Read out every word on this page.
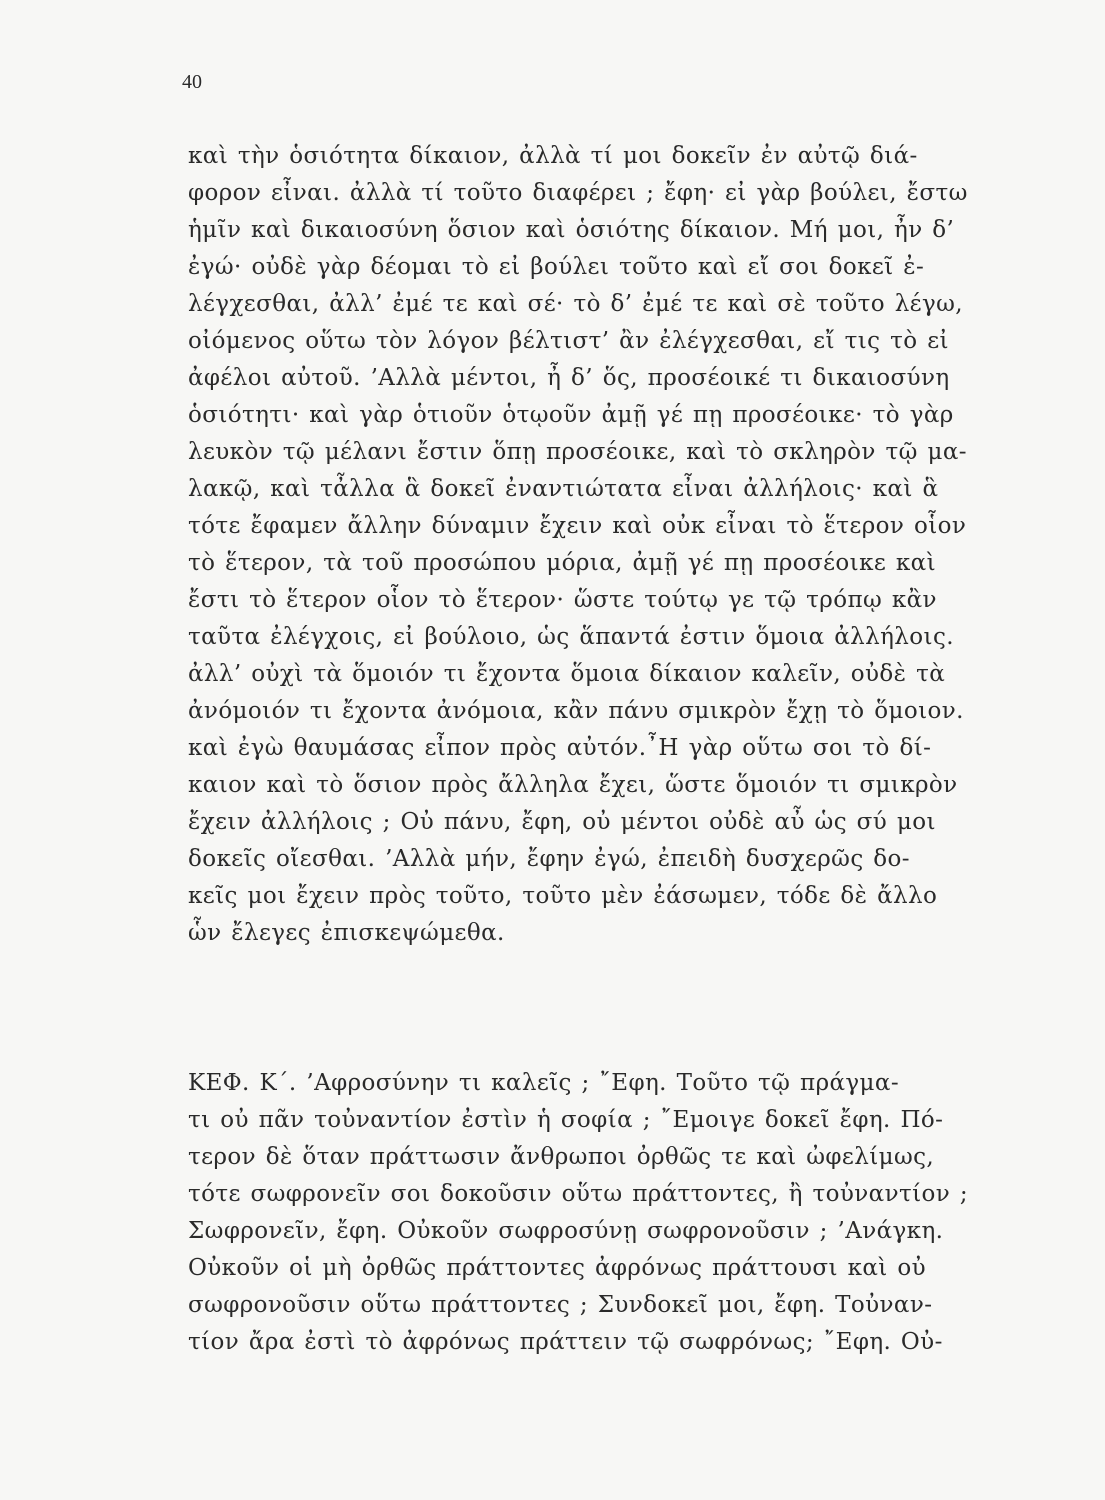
40
καὶ τὴν ὁσιότητα δίκαιον, ἀλλὰ τί μοι δοκεῖν ἐν αὐτῷ διά-
φορον εἶναι. ἀλλὰ τί τοῦτο διαφέρει ; ἔφη· εἰ γὰρ βούλει, ἔστω
ἡμῖν καὶ δικαιοσύνη ὅσιον καὶ ὁσιότης δίκαιον. Μή μοι, ἦν δ’
ἐγώ· οὐδὲ γὰρ δέομαι τὸ εἰ βούλει τοῦτο καὶ εἴ σοι δοκεῖ ἐ-
λέγχεσθαι, ἀλλ’ ἐμέ τε καὶ σέ· τὸ δ’ ἐμέ τε καὶ σὲ τοῦτο λέγω,
οἰόμενος οὕτω τὸν λόγον βέλτιστ’ ἂν ἐλέγχεσθαι, εἴ τις τὸ εἰ
ἀφέλοι αὐτοῦ. ’Αλλὰ μέντοι, ἦ δ’ ὅς, προσέοικέ τι δικαιοσύνη
ὁσιότητι· καὶ γὰρ ὁτιοῦν ὁτῳοῦν ἀμῇ γέ πῃ προσέοικε· τὸ γὰρ
λευκὸν τῷ μέλανι ἔστιν ὅπῃ προσέοικε, καὶ τὸ σκληρὸν τῷ μα-
λακῷ, καὶ τἆλλα ἃ δοκεῖ ἐναντιώτατα εἶναι ἀλλήλοις· καὶ ἃ
τότε ἔφαμεν ἄλλην δύναμιν ἔχειν καὶ οὐκ εἶναι τὸ ἕτερον οἷον
τὸ ἕτερον, τὰ τοῦ προσώπου μόρια, ἀμῇ γέ πῃ προσέοικε καὶ
ἔστι τὸ ἕτερον οἷον τὸ ἕτερον· ὥστε τούτῳ γε τῷ τρόπῳ κἂν
ταῦτα ἐλέγχοις, εἰ βούλοιο, ὡς ἅπαντά ἐστιν ὅμοια ἀλλήλοις.
ἀλλ’ οὐχὶ τὰ ὅμοιόν τι ἔχοντα ὅμοια δίκαιον καλεῖν, οὐδὲ τὰ
ἀνόμοιόν τι ἔχοντα ἀνόμοια, κἂν πάνυ σμικρὸν ἔχῃ τὸ ὅμοιον.
καὶ ἐγὼ θαυμάσας εἶπον πρὸς αὐτόν.῏Η γὰρ οὕτω σοι τὸ δί-
καιον καὶ τὸ ὅσιον πρὸς ἄλληλα ἔχει, ὥστε ὅμοιόν τι σμικρὸν
ἔχειν ἀλλήλοις ; Οὐ πάνυ, ἔφη, οὐ μέντοι οὐδὲ αὖ ὡς σύ μοι
δοκεῖς οἴεσθαι. ’Αλλὰ μήν, ἔφην ἐγώ, ἐπειδὴ δυσχερῶς δο-
κεῖς μοι ἔχειν πρὸς τοῦτο, τοῦτο μὲν ἐάσωμεν, τόδε δὲ ἄλλο
ὧν ἔλεγες ἐπισκεψώμεθα.
ΚΕΦ. Κ΄. ’Αφροσύνην τι καλεῖς ; ῎Εφη. Τοῦτο τῷ πράγμα-
τι οὐ πᾶν τοὐναντίον ἐστὶν ἡ σοφία ; ῎Εμοιγε δοκεῖ ἔφη. Πό-
τερον δὲ ὅταν πράττωσιν ἄνθρωποι ὀρθῶς τε καὶ ὠφελίμως,
τότε σωφρονεῖν σοι δοκοῦσιν οὕτω πράττοντες, ἢ τοὐναντίον ;
Σωφρονεῖν, ἔφη. Οὐκοῦν σωφροσύνῃ σωφρονοῦσιν ; ’Ανάγκη.
Οὐκοῦν οἱ μὴ ὀρθῶς πράττοντες ἀφρόνως πράττουσι καὶ οὐ
σωφρονοῦσιν οὕτω πράττοντες ; Συνδοκεῖ μοι, ἔφη. Τοὐναν-
τίον ἄρα ἐστὶ τὸ ἀφρόνως πράττειν τῷ σωφρόνως; ῎Εφη. Οὐ-
